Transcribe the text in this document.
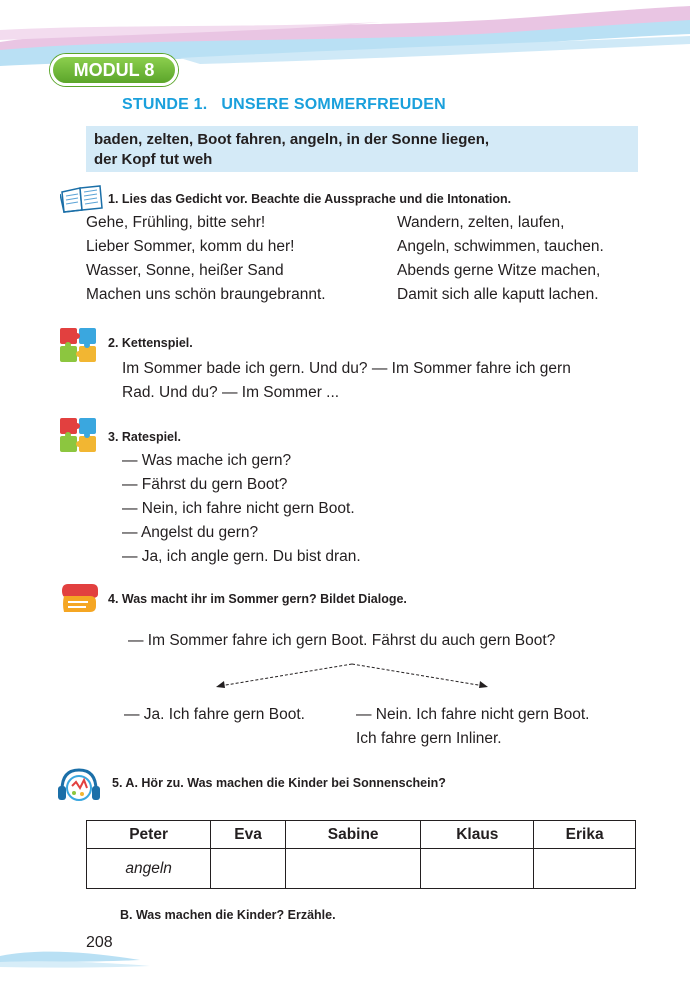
MODUL 8
STUNDE 1. UNSERE SOMMERFREUDEN
baden, zelten, Boot fahren, angeln, in der Sonne liegen,
der Kopf tut weh
1. Lies das Gedicht vor. Beachte die Aussprache und die Intonation.
Gehe, Frühling, bitte sehr!
Lieber Sommer, komm du her!
Wasser, Sonne, heißer Sand
Machen uns schön braungebrannt.
Wandern, zelten, laufen,
Angeln, schwimmen, tauchen.
Abends gerne Witze machen,
Damit sich alle kaputt lachen.
2. Kettenspiel.
Im Sommer bade ich gern. Und du? — Im Sommer fahre ich gern
Rad. Und du? — Im Sommer ...
3. Ratespiel.
— Was mache ich gern?
— Fährst du gern Boot?
— Nein, ich fahre nicht gern Boot.
— Angelst du gern?
— Ja, ich angle gern. Du bist dran.
4. Was macht ihr im Sommer gern? Bildet Dialoge.
— Im Sommer fahre ich gern Boot. Fährst du auch gern Boot?
— Ja. Ich fahre gern Boot.	— Nein. Ich fahre nicht gern Boot.
Ich fahre gern Inliner.
5. A. Hör zu. Was machen die Kinder bei Sonnenschein?
Peter	Eva	Sabine	Klaus	Erika
angeln				
B. Was machen die Kinder? Erzähle.
208
